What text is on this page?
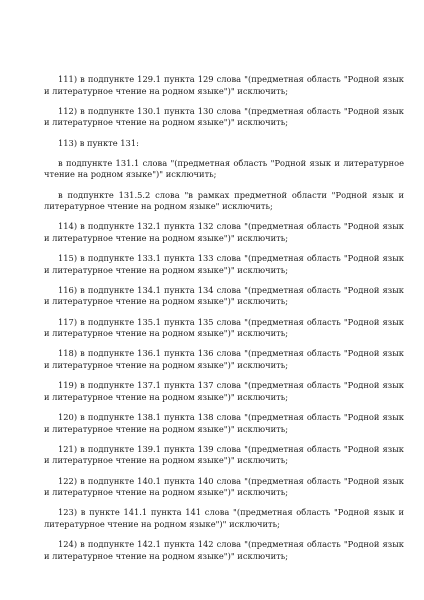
111) в подпункте 129.1 пункта 129 слова "(предметная область "Родной язык и литературное чтение на родном языке")" исключить;

112) в подпункте 130.1 пункта 130 слова "(предметная область "Родной язык и литературное чтение на родном языке")" исключить;

113) в пункте 131:

в подпункте 131.1 слова "(предметная область "Родной язык и литературное чтение на родном языке")" исключить;

в подпункте 131.5.2 слова "в рамках предметной области "Родной язык и литературное чтение на родном языке" исключить;

114) в подпункте 132.1 пункта 132 слова "(предметная область "Родной язык и литературное чтение на родном языке")" исключить;

115) в подпункте 133.1 пункта 133 слова "(предметная область "Родной язык и литературное чтение на родном языке")" исключить;

116) в подпункте 134.1 пункта 134 слова "(предметная область "Родной язык и литературное чтение на родном языке")" исключить;

117) в подпункте 135.1 пункта 135 слова "(предметная область "Родной язык и литературное чтение на родном языке")" исключить;

118) в подпункте 136.1 пункта 136 слова "(предметная область "Родной язык и литературное чтение на родном языке")" исключить;

119) в подпункте 137.1 пункта 137 слова "(предметная область "Родной язык и литературное чтение на родном языке")" исключить;

120) в подпункте 138.1 пункта 138 слова "(предметная область "Родной язык и литературное чтение на родном языке")" исключить;

121) в подпункте 139.1 пункта 139 слова "(предметная область "Родной язык и литературное чтение на родном языке")" исключить;

122) в подпункте 140.1 пункта 140 слова "(предметная область "Родной язык и литературное чтение на родном языке")" исключить;

123) в пункте 141.1 пункта 141 слова "(предметная область "Родной язык и литературное чтение на родном языке")" исключить;

124) в подпункте 142.1 пункта 142 слова "(предметная область "Родной язык и литературное чтение на родном языке")" исключить;
